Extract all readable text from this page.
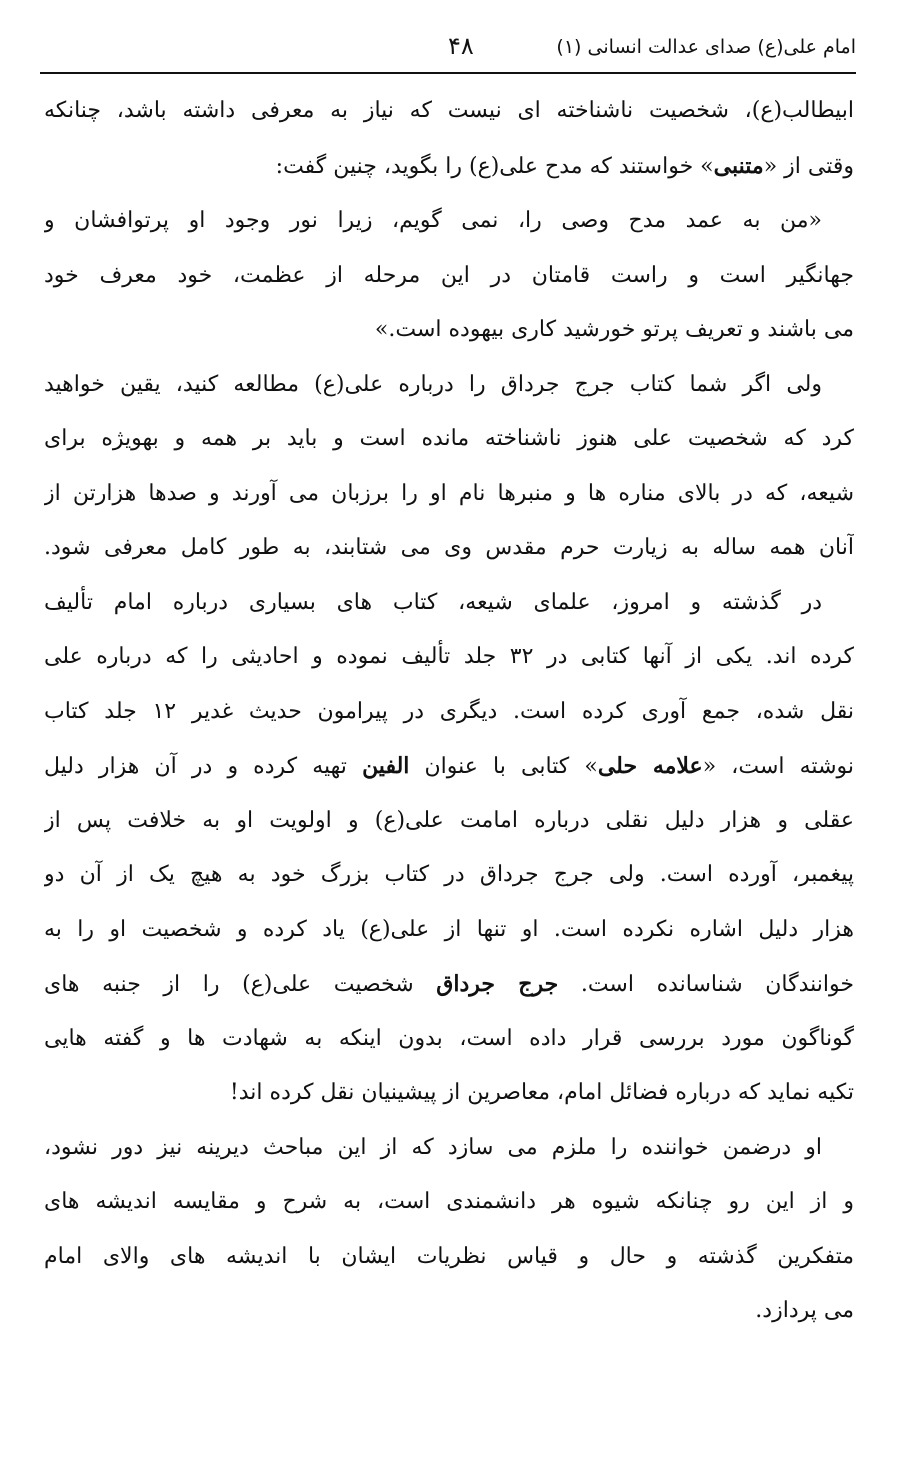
امام علی(ع) صدای عدالت انسانی (۱)
۴۸

ابیطالب(ع)، شخصیت ناشناخته ای نیست که نیاز به معرفی داشته باشد، چنانکه
وقتی از «متنبی» خواستند که مدح علی(ع) را بگوید، چنین گفت:

«من به عمد مدح وصی را، نمی گویم، زیرا نور وجود او پرتوافشان و
جهانگیر است و راست قامتان در این مرحله از عظمت، خود معرف خود
می باشند و تعریف پرتو خورشید کاری بیهوده است.»

ولی اگر شما کتاب جرج جرداق را درباره علی(ع) مطالعه کنید، یقین خواهید
کرد که شخصیت علی هنوز ناشناخته مانده است و باید بر همه و بهویژه برای
شیعه، که در بالای مناره ها و منبرها نام او را برزبان می آورند و صدها هزارتن از
آنان همه ساله به زیارت حرم مقدس وی می شتابند، به طور کامل معرفی شود.

در گذشته و امروز، علمای شیعه، کتاب های بسیاری درباره امام تألیف
کرده اند. یکی از آنها کتابی در ۳۲ جلد تألیف نموده و احادیثی را که درباره علی
نقل شده، جمع آوری کرده است. دیگری در پیرامون حدیث غدیر ۱۲ جلد کتاب
نوشته است، «علامه حلی» کتابی با عنوان الفین تهیه کرده و در آن هزار دلیل
عقلی و هزار دلیل نقلی درباره امامت علی(ع) و اولویت او به خلافت پس از
پیغمبر، آورده است. ولی جرج جرداق در کتاب بزرگ خود به هیچ یک از آن دو
هزار دلیل اشاره نکرده است. او تنها از علی(ع) یاد کرده و شخصیت او را به
خوانندگان شناسانده است. جرج جرداق شخصیت علی(ع) را از جنبه های
گوناگون مورد بررسی قرار داده است، بدون اینکه به شهادت ها و گفته هایی
تکیه نماید که درباره فضائل امام، معاصرین از پیشینیان نقل کرده اند!

او درضمن خواننده را ملزم می سازد که از این مباحث دیرینه نیز دور نشود،
و از این رو چنانکه شیوه هر دانشمندی است، به شرح و مقایسه اندیشه های
متفکرین گذشته و حال و قیاس نظریات ایشان با اندیشه های والای امام
می پردازد.
